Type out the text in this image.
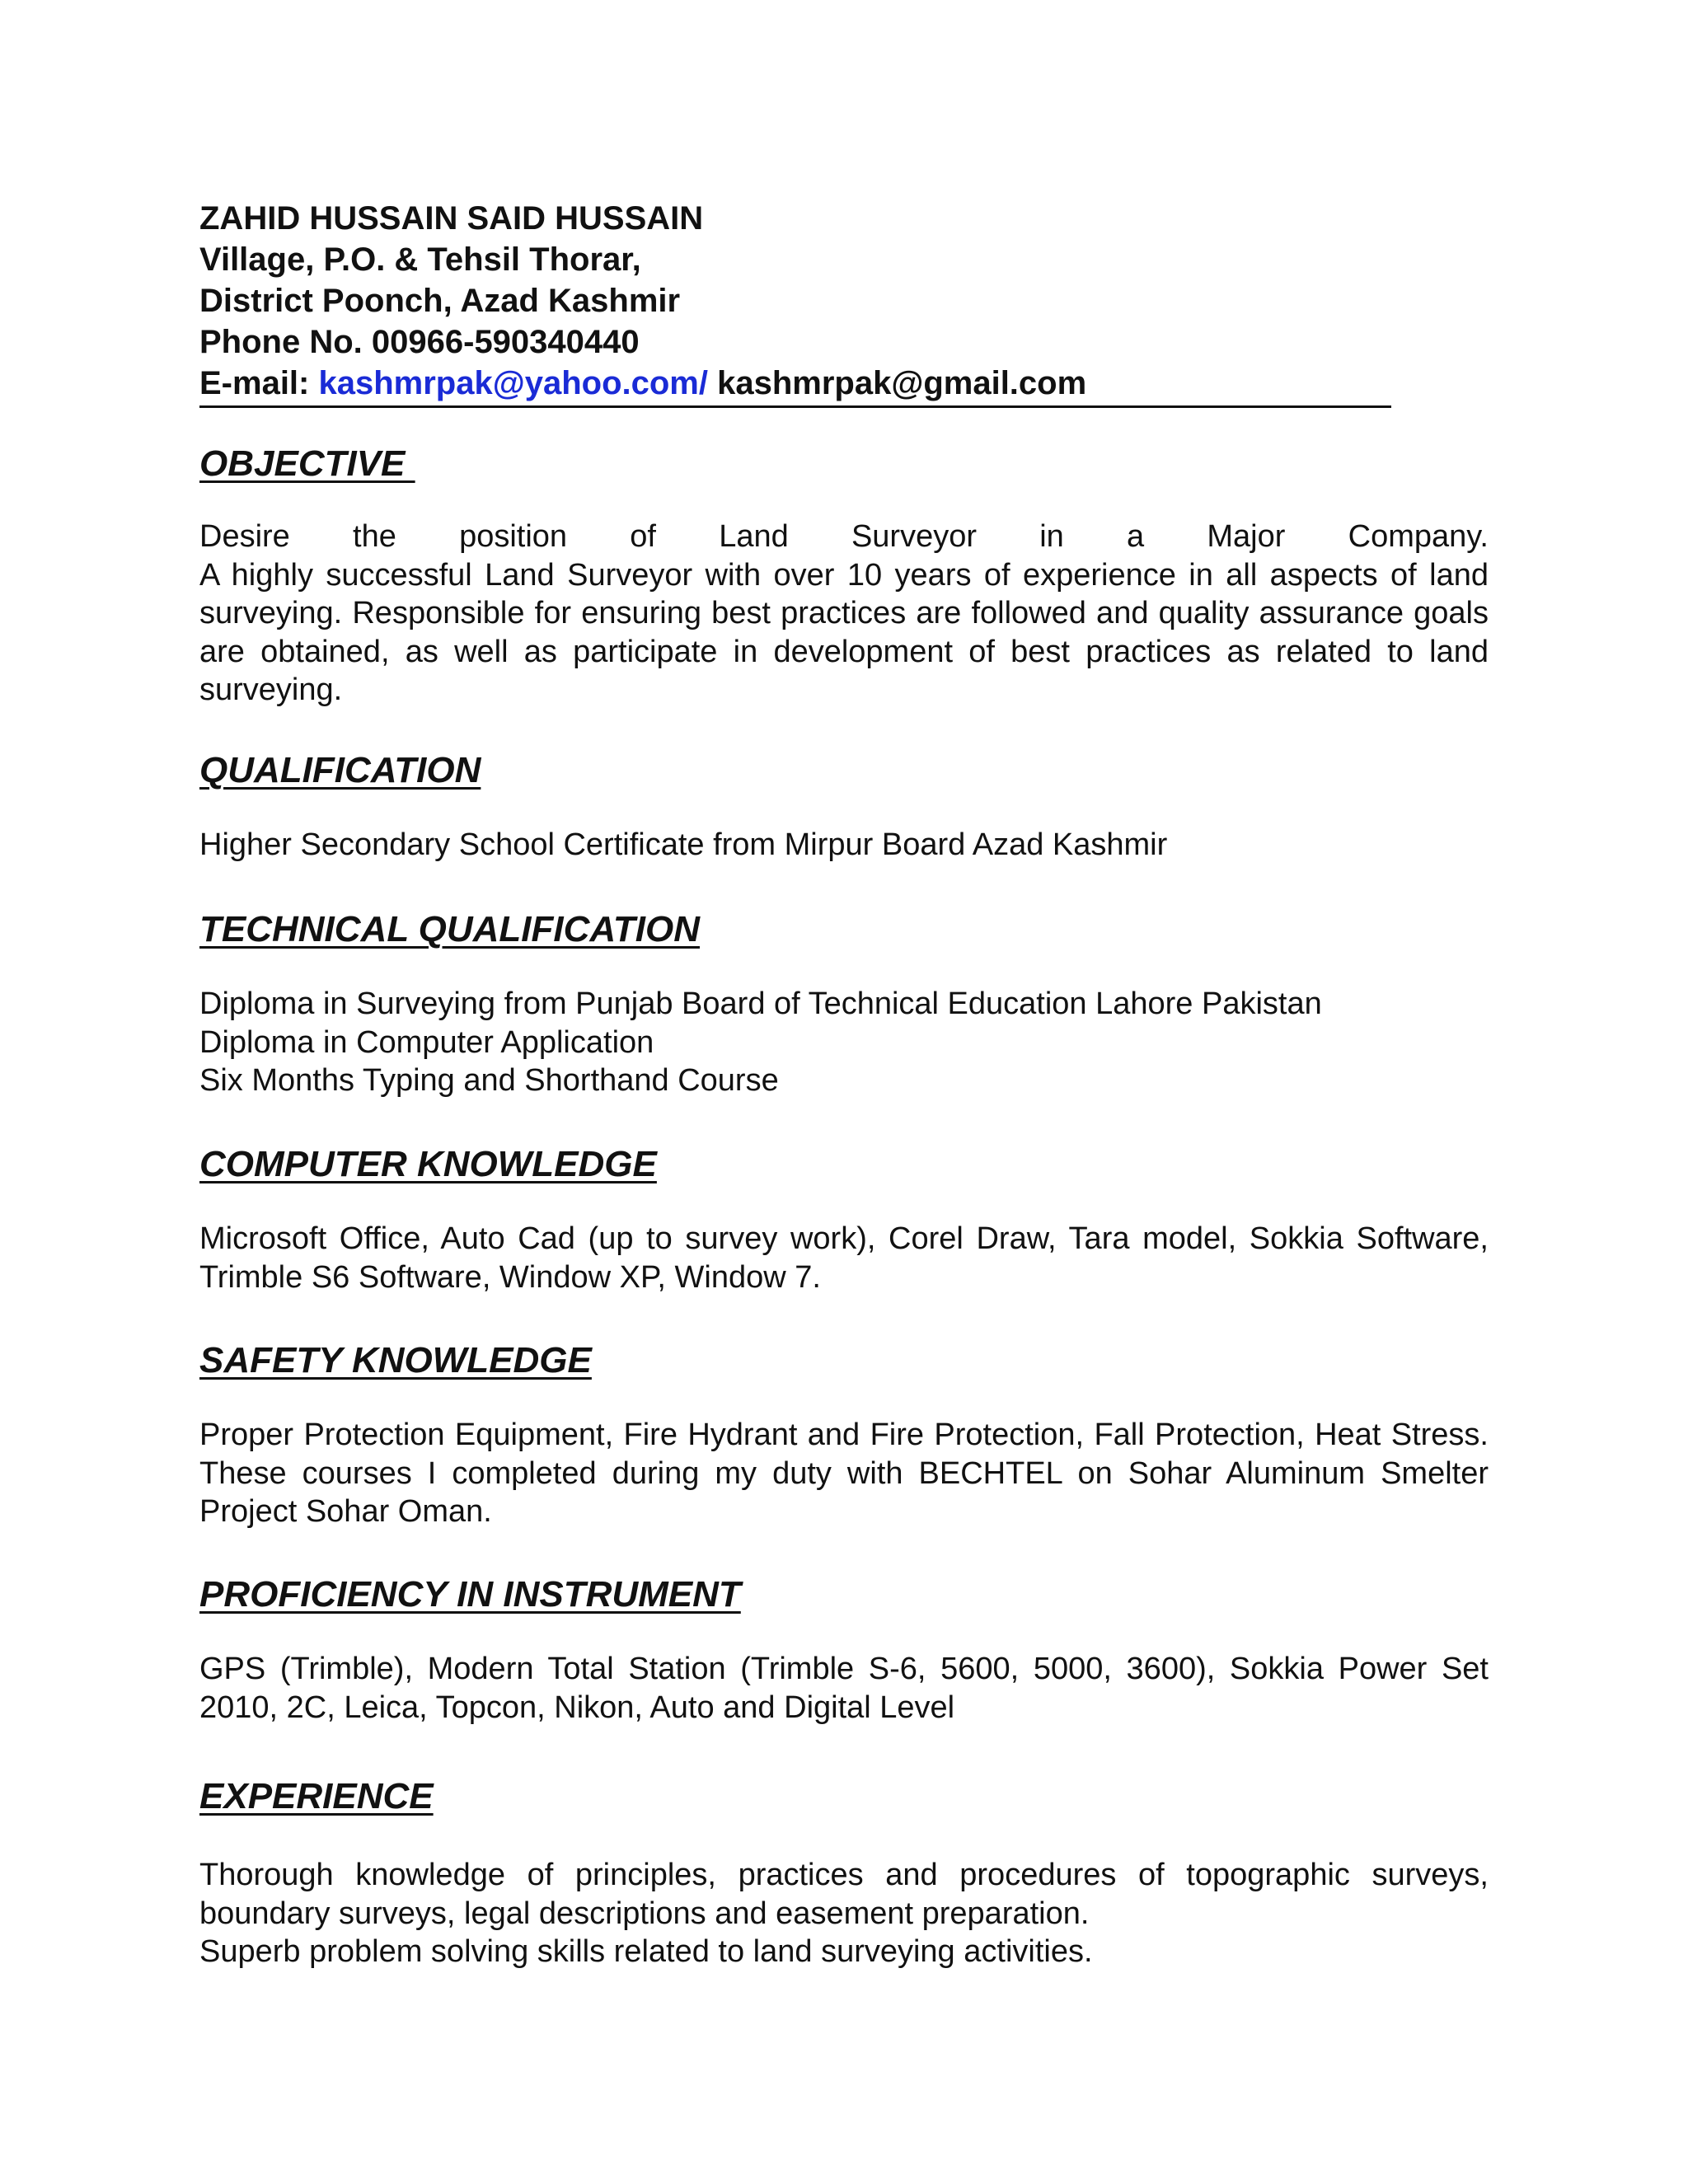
ZAHID HUSSAIN SAID HUSSAIN
Village, P.O. & Tehsil Thorar,
District Poonch, Azad Kashmir
Phone No. 00966-590340440
E-mail: kashmrpak@yahoo.com/ kashmrpak@gmail.com
OBJECTIVE

Desire the position of Land Surveyor in a Major Company.

A highly successful Land Surveyor with over 10 years of experience in all aspects of land surveying. Responsible for ensuring best practices are followed and quality assurance goals are obtained, as well as participate in development of best practices as related to land surveying.

QUALIFICATION

Higher Secondary School Certificate from Mirpur Board Azad Kashmir

TECHNICAL QUALIFICATION

Diploma in Surveying from Punjab Board of Technical Education Lahore Pakistan

Diploma in Computer Application

Six Months Typing and Shorthand Course

COMPUTER KNOWLEDGE

Microsoft Office, Auto Cad (up to survey work), Corel Draw, Tara model, Sokkia Software, Trimble S6 Software, Window XP, Window 7.

SAFETY KNOWLEDGE

Proper Protection Equipment, Fire Hydrant and Fire Protection, Fall Protection, Heat Stress. These courses I completed during my duty with BECHTEL on Sohar Aluminum Smelter Project Sohar Oman.

PROFICIENCY IN INSTRUMENT

GPS (Trimble), Modern Total Station (Trimble S-6, 5600, 5000, 3600), Sokkia Power Set 2010, 2C, Leica, Topcon, Nikon, Auto and Digital Level

EXPERIENCE

Thorough knowledge of principles, practices and procedures of topographic surveys, boundary surveys, legal descriptions and easement preparation.

Superb problem solving skills related to land surveying activities.
